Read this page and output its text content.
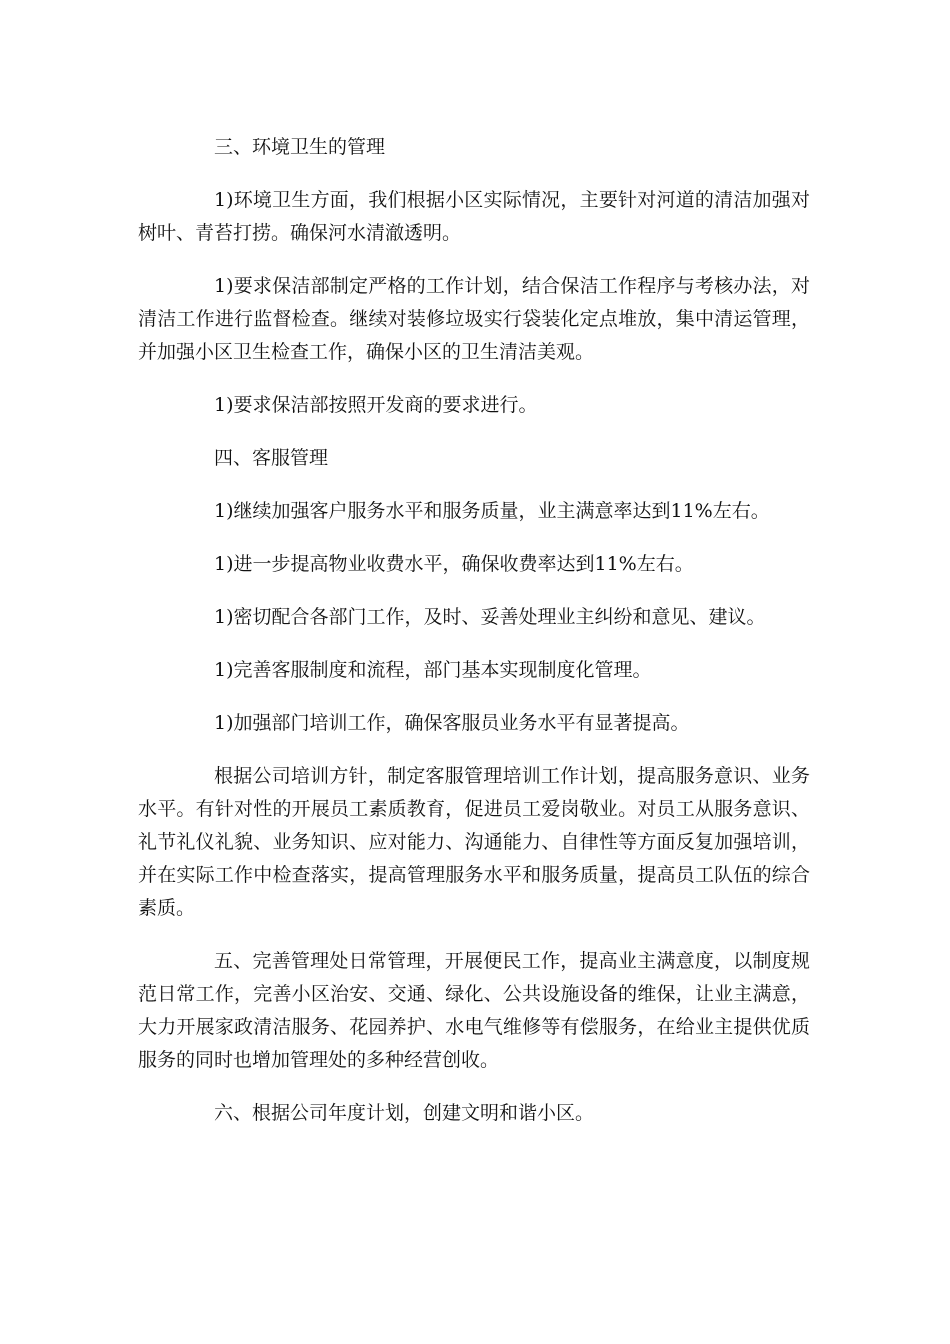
三、环境卫生的管理

1)环境卫生方面，我们根据小区实际情况，主要针对河道的清洁加强对树叶、青苔打捞。确保河水清澈透明。

1)要求保洁部制定严格的工作计划，结合保洁工作程序与考核办法，对清洁工作进行监督检查。继续对装修垃圾实行袋装化定点堆放，集中清运管理，并加强小区卫生检查工作，确保小区的卫生清洁美观。

1)要求保洁部按照开发商的要求进行。

四、客服管理

1)继续加强客户服务水平和服务质量，业主满意率达到11%左右。

1)进一步提高物业收费水平，确保收费率达到11%左右。

1)密切配合各部门工作，及时、妥善处理业主纠纷和意见、建议。

1)完善客服制度和流程，部门基本实现制度化管理。

1)加强部门培训工作，确保客服员业务水平有显著提高。

根据公司培训方针，制定客服管理培训工作计划，提高服务意识、业务水平。有针对性的开展员工素质教育，促进员工爱岗敬业。对员工从服务意识、礼节礼仪礼貌、业务知识、应对能力、沟通能力、自律性等方面反复加强培训，并在实际工作中检查落实，提高管理服务水平和服务质量，提高员工队伍的综合素质。

五、完善管理处日常管理，开展便民工作，提高业主满意度，以制度规范日常工作，完善小区治安、交通、绿化、公共设施设备的维保，让业主满意，大力开展家政清洁服务、花园养护、水电气维修等有偿服务，在给业主提供优质服务的同时也增加管理处的多种经营创收。

六、根据公司年度计划，创建文明和谐小区。
